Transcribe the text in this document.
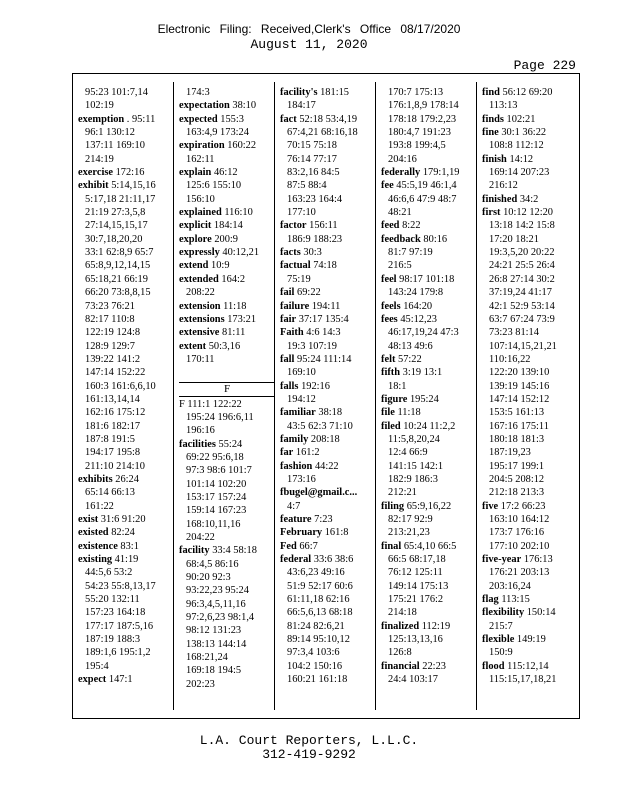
Electronic Filing: Received,Clerk's Office 08/17/2020
August 11, 2020
Page 229
95:23 101:7,14
102:19
exemption . 95:11
96:1 130:12
137:11 169:10
214:19
exercise 172:16
exhibit 5:14,15,16
5:17,18 21:11,17
21:19 27:3,5,8
27:14,15,15,17
30:7,18,20,20
33:1 62:8,9 65:7
65:8,9,12,14,15
65:18,21 66:19
66:20 73:8,8,15
73:23 76:21
82:17 110:8
122:19 124:8
128:9 129:7
139:22 141:2
147:14 152:22
160:3 161:6,6,10
161:13,14,14
162:16 175:12
181:6 182:17
187:8 191:5
194:17 195:8
211:10 214:10
exhibits 26:24
65:14 66:13
161:22
exist 31:6 91:20
existed 82:24
existence 83:1
existing 41:19
44:5,6 53:2
54:23 55:8,13,17
55:20 132:11
157:23 164:18
177:17 187:5,16
187:19 188:3
189:1,6 195:1,2
195:4
expect 147:1
174:3
expectation 38:10
expected 155:3
163:4,9 173:24
expiration 160:22
162:11
explain 46:12
125:6 155:10
156:10
explained 116:10
explicit 184:14
explore 200:9
expressly 40:12,21
extend 10:9
extended 164:2
208:22
extension 11:18
extensions 173:21
extensive 81:11
extent 50:3,16
170:11

F
F 111:1 122:22
195:24 196:6,11
196:16
facilities 55:24
69:22 95:6,18
97:3 98:6 101:7
101:14 102:20
153:17 157:24
159:14 167:23
168:10,11,16
204:22
facility 33:4 58:18
68:4,5 86:16
90:20 92:3
93:22,23 95:24
96:3,4,5,11,16
97:2,6,23 98:1,4
98:12 131:23
138:13 144:14
168:21,24
169:18 194:5
202:23
facility's 181:15
184:17
fact 52:18 53:4,19
67:4,21 68:16,18
70:15 75:18
76:14 77:17
83:2,16 84:5
87:5 88:4
163:23 164:4
177:10
factor 156:11
186:9 188:23
facts 30:3
factual 74:18
75:19
fail 69:22
failure 194:11
fair 37:17 135:4
Faith 4:6 14:3
19:3 107:19
fall 95:24 111:14
169:10
falls 192:16
194:12
familiar 38:18
43:5 62:3 71:10
family 208:18
far 161:2
fashion 44:22
173:16
fbugel@gmail.c...
4:7
feature 7:23
February 161:8
Fed 66:7
federal 33:6 38:6
43:6,23 49:16
51:9 52:17 60:6
61:11,18 62:16
66:5,6,13 68:18
81:24 82:6,21
89:14 95:10,12
97:3,4 103:6
104:2 150:16
160:21 161:18
170:7 175:13
176:1,8,9 178:14
178:18 179:2,23
180:4,7 191:23
193:8 199:4,5
204:16
federally 179:1,19
fee 45:5,19 46:1,4
46:6,6 47:9 48:7
48:21
feed 8:22
feedback 80:16
81:7 97:19
216:5
feel 98:17 101:18
143:24 179:8
feels 164:20
fees 45:12,23
46:17,19,24 47:3
48:13 49:6
felt 57:22
fifth 3:19 13:1
18:1
figure 195:24
file 11:18
filed 10:24 11:2,2
11:5,8,20,24
12:4 66:9
141:15 142:1
182:9 186:3
212:21
filing 65:9,16,22
82:17 92:9
213:21,23
final 65:4,10 66:5
66:5 68:17,18
76:12 125:11
149:14 175:13
175:21 176:2
214:18
finalized 112:19
125:13,13,16
126:8
financial 22:23
24:4 103:17
find 56:12 69:20
113:13
finds 102:21
fine 30:1 36:22
108:8 112:12
finish 14:12
169:14 207:23
216:12
finished 34:2
first 10:12 12:20
13:18 14:2 15:8
17:20 18:21
19:3,5,20 20:22
24:21 25:5 26:4
26:8 27:14 30:2
37:19,24 41:17
42:1 52:9 53:14
63:7 67:24 73:9
73:23 81:14
107:14,15,21,21
110:16,22
122:20 139:10
139:19 145:16
147:14 152:12
153:5 161:13
167:16 175:11
180:18 181:3
187:19,23
195:17 199:1
204:5 208:12
212:18 213:3
five 17:2 66:23
163:10 164:12
173:7 176:16
177:10 202:10
five-year 176:13
176:21 203:13
203:16,24
flag 113:15
flexibility 150:14
215:7
flexible 149:19
150:9
flood 115:12,14
115:15,17,18,21
L.A. Court Reporters, L.L.C.
312-419-9292
